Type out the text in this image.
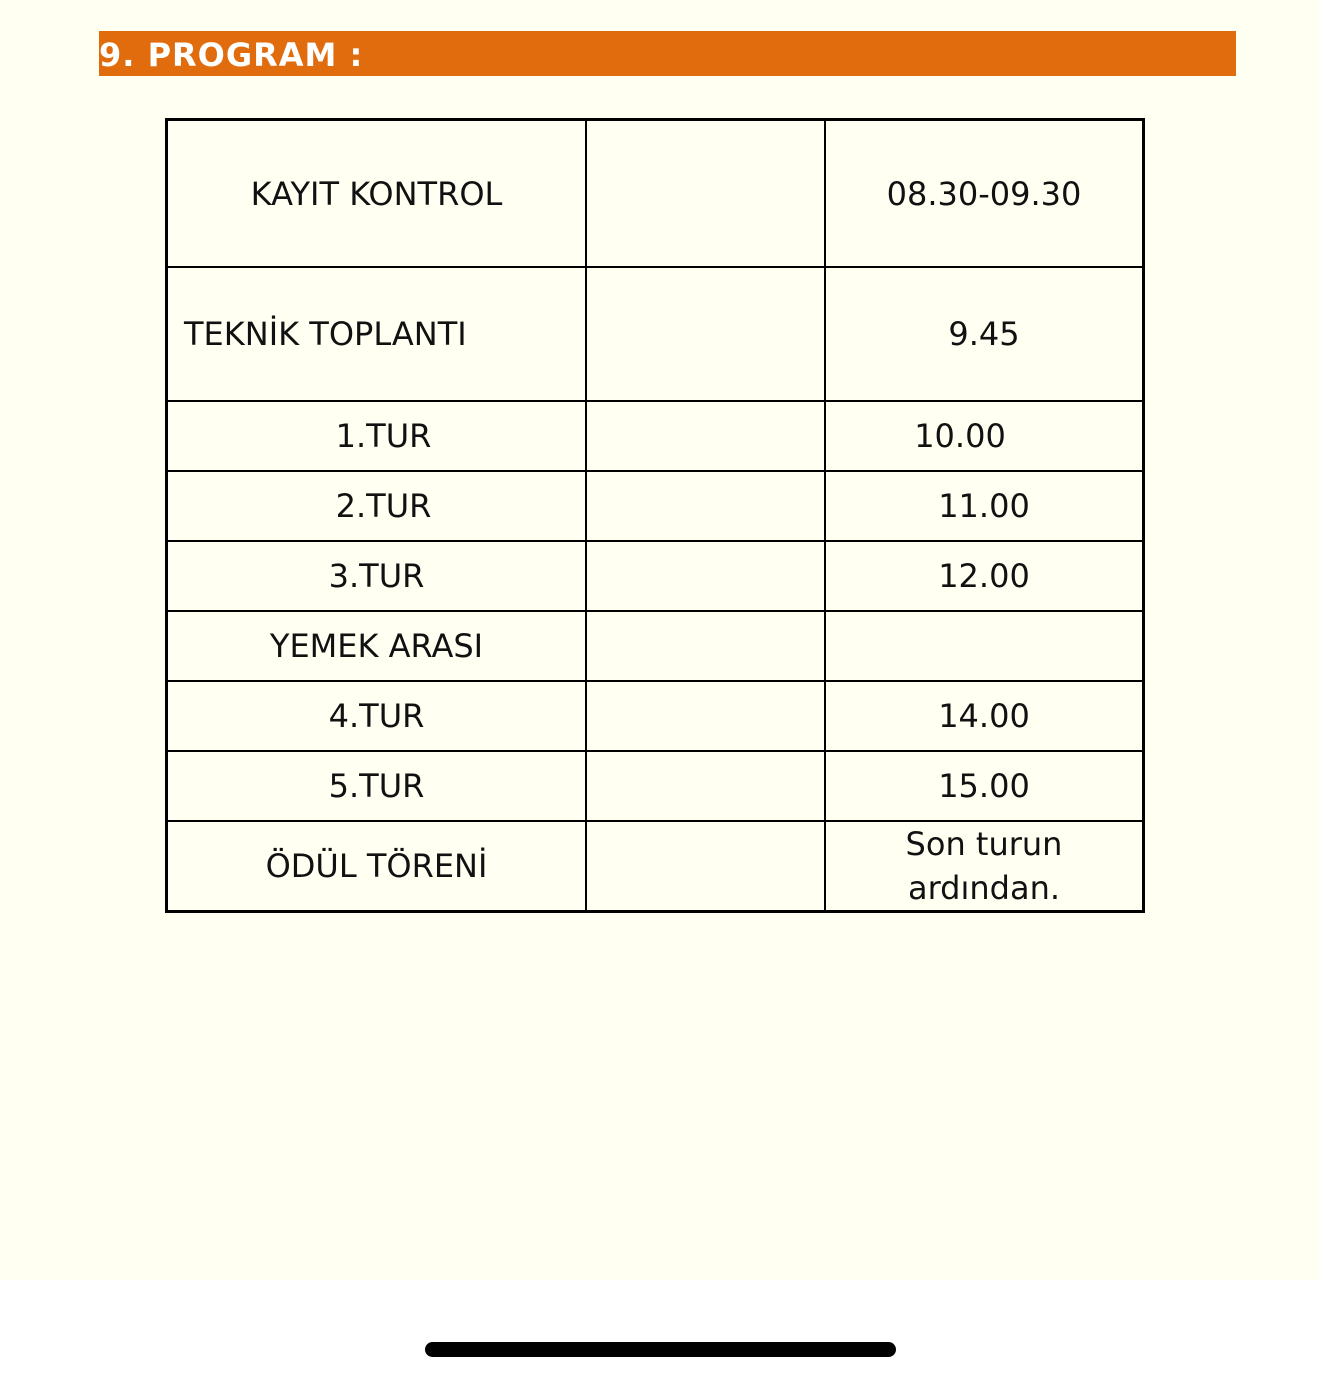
9. PROGRAM :
KAYIT KONTROL		08.30-09.30
TEKNİK TOPLANTI		9.45
1.TUR		10.00
2.TUR		11.00
3.TUR		12.00
YEMEK ARASI		
4.TUR		14.00
5.TUR		15.00
ÖDÜL TÖRENİ		Son turun ardından.
